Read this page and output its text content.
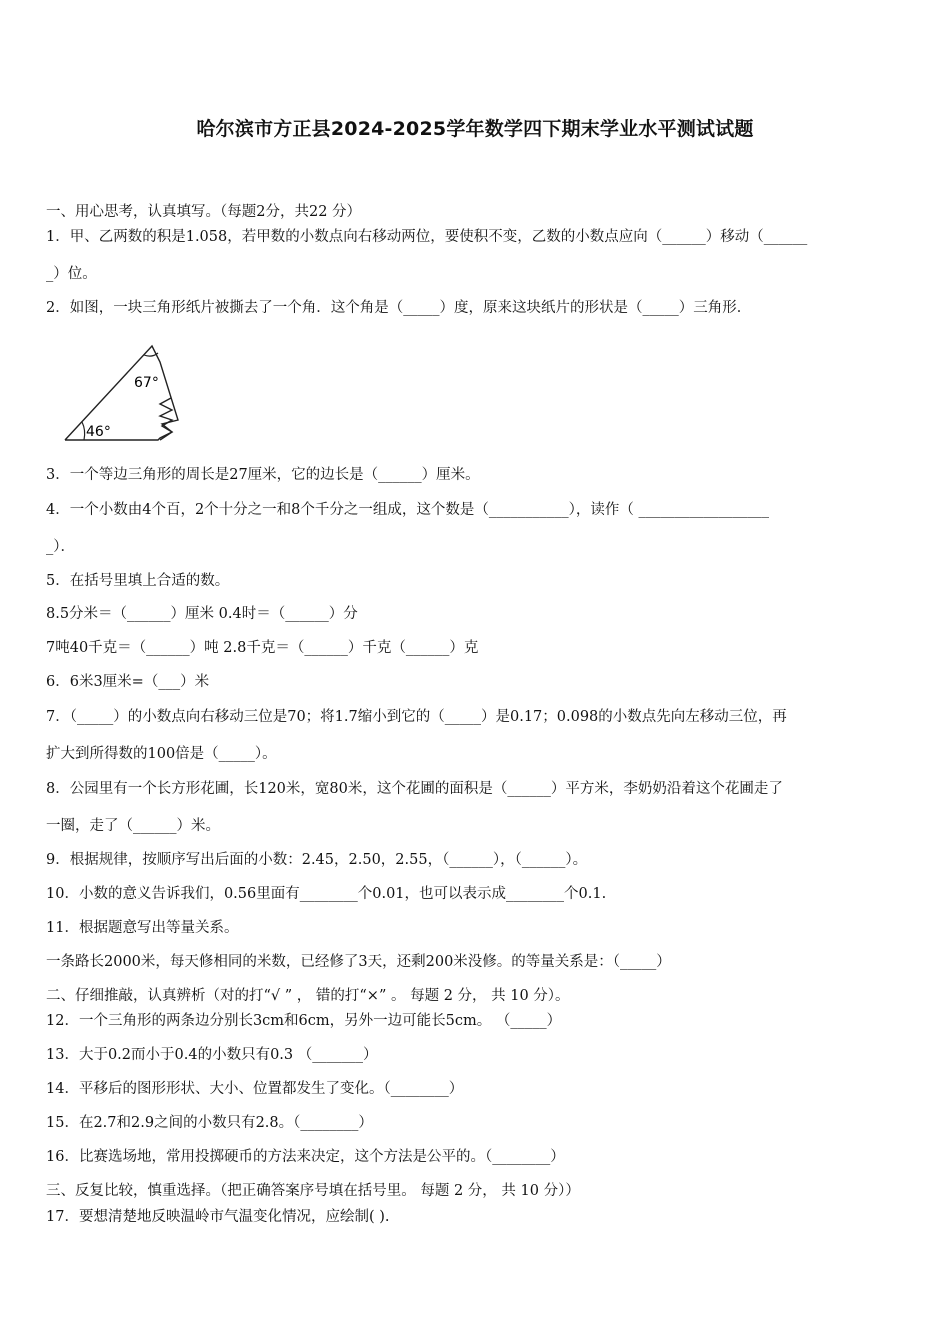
哈尔滨市方正县2024-2025学年数学四下期末学业水平测试试题
一、用心思考，认真填写。（每题2分，共22 分）
1．甲、乙两数的积是1.058，若甲数的小数点向右移动两位，要使积不变，乙数的小数点应向（______）移动（______
_）位。
2．如图，一块三角形纸片被撕去了一个角．这个角是（_____）度，原来这块纸片的形状是（_____）三角形．
67°
46°
3．一个等边三角形的周长是27厘米，它的边长是（______）厘米。
4．一个小数由4个百，2个十分之一和8个千分之一组成，这个数是（___________），读作（ __________________
_）．
5．在括号里填上合适的数。
8.5分米＝（______）厘米 0.4时＝（______）分
7吨40千克＝（______）吨 2.8千克＝（______）千克（______）克
6．6米3厘米=（___）米
7．（_____）的小数点向右移动三位是70；将1.7缩小到它的（_____）是0.17；0.098的小数点先向左移动三位，再
扩大到所得数的100倍是（_____）。
8．公园里有一个长方形花圃，长120米，宽80米，这个花圃的面积是（______）平方米，李奶奶沿着这个花圃走了
一圈，走了（______）米。
9．根据规律，按顺序写出后面的小数：2.45，2.50，2.55，（______），（______）。
10．小数的意义告诉我们，0.56里面有________个0.01，也可以表示成________个0.1.
11．根据题意写出等量关系。
一条路长2000米，每天修相同的米数，已经修了3天，还剩200米没修。的等量关系是：（_____）
二、仔细推敲，认真辨析（对的打“√ ” ， 错的打“×” 。 每题 2 分， 共 10 分）。
12．一个三角形的两条边分别长3cm和6cm，另外一边可能长5cm。 （_____）
13．大于0.2而小于0.4的小数只有0.3 （_______）
14．平移后的图形形状、大小、位置都发生了变化。（________）
15．在2.7和2.9之间的小数只有2.8。（________）
16．比赛选场地，常用投掷硬币的方法来决定，这个方法是公平的。（________）
三、反复比较，慎重选择。（把正确答案序号填在括号里。 每题 2 分， 共 10 分））
17．要想清楚地反映温岭市气温变化情况，应绘制( ).
